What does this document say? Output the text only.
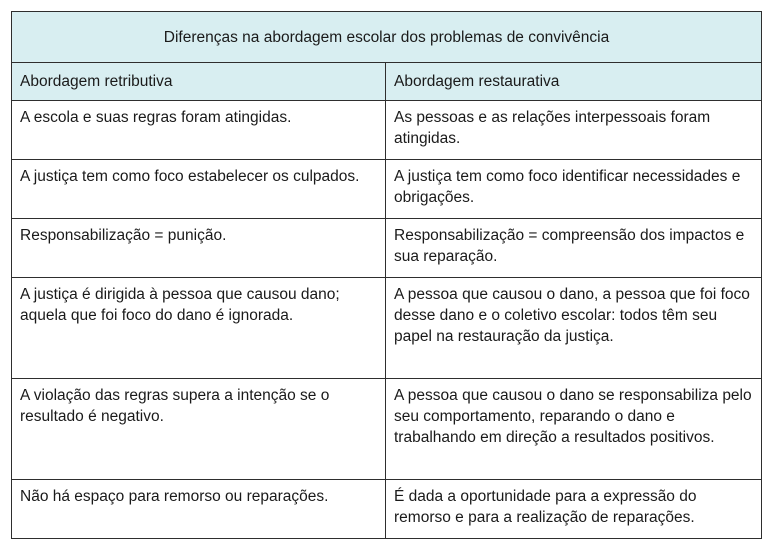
Diferenças na abordagem escolar dos problemas de convivência	
Abordagem retributiva	Abordagem restaurativa
A escola e suas regras foram atingidas.	As pessoas e as relações interpessoais foram atingidas.
A justiça tem como foco estabelecer os culpados.	A justiça tem como foco identificar necessidades e obrigações.
Responsabilização = punição.	Responsabilização = compreensão dos impactos e sua reparação.
A justiça é dirigida à pessoa que causou dano; aquela que foi foco do dano é ignorada.	A pessoa que causou o dano, a pessoa que foi foco desse dano e o coletivo escolar: todos têm seu papel na restauração da justiça.
A violação das regras supera a intenção se o resultado é negativo.	A pessoa que causou o dano se responsabiliza pelo seu comportamento, reparando o dano e trabalhando em direção a resultados positivos.
Não há espaço para remorso ou reparações.	É dada a oportunidade para a expressão do remorso e para a realização de reparações.
